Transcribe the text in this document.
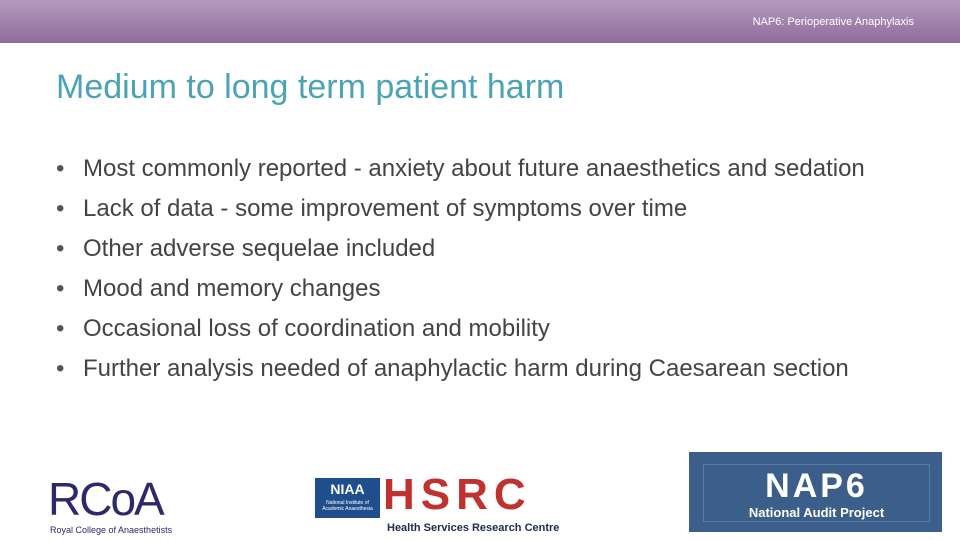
NAP6: Perioperative Anaphylaxis
Medium to long term patient harm
• Most commonly reported - anxiety about future anaesthetics and sedation
• Lack of data - some improvement of symptoms over time
• Other adverse sequelae included
• Mood and memory changes
• Occasional loss of coordination and mobility
• Further analysis needed of anaphylactic harm during Caesarean section
RCoA
Royal College of Anaesthetists
NIAA
National Institute of Academic Anaesthesia HSRC
Health Services Research Centre
NAP6
National Audit Project
